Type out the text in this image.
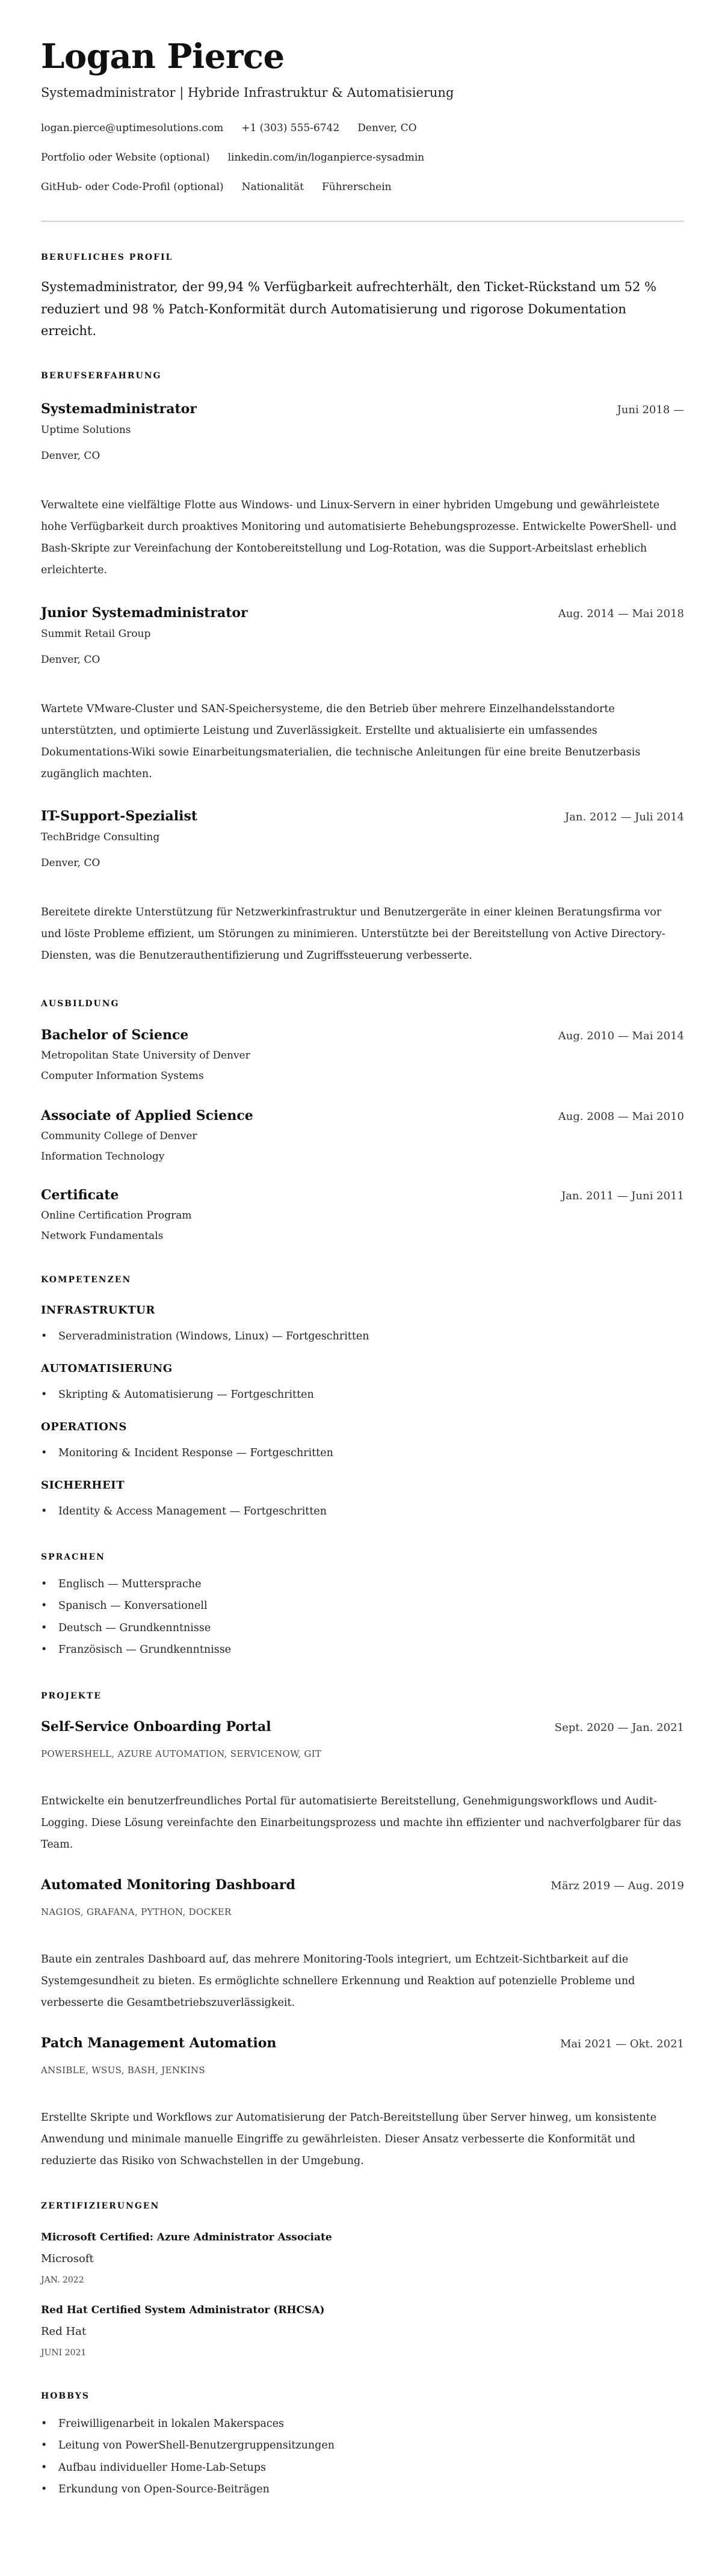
Logan Pierce
Systemadministrator | Hybride Infrastruktur & Automatisierung
logan.pierce@uptimesolutions.com +1 (303) 555-6742 Denver, CO
Portfolio oder Website (optional) linkedin.com/in/loganpierce-sysadmin
GitHub- oder Code-Profil (optional) Nationalität Führerschein
BERUFLICHES PROFIL

Systemadministrator, der 99,94 % Verfügbarkeit aufrechterhält, den Ticket-Rückstand um 52 % reduziert und 98 % Patch-Konformität durch Automatisierung und rigorose Dokumentation erreicht.

BERUFSERFAHRUNG
Systemadministrator	Juni 2018 —
Uptime Solutions
Denver, CO
Verwaltete eine vielfältige Flotte aus Windows- und Linux-Servern in einer hybriden Umgebung und gewährleistete hohe Verfügbarkeit durch proaktives Monitoring und automatisierte Behebungsprozesse. Entwickelte PowerShell- und Bash-Skripte zur Vereinfachung der Kontobereitstellung und Log-Rotation, was die Support-Arbeitslast erheblich erleichterte.
Junior Systemadministrator	Aug. 2014 — Mai 2018
Summit Retail Group
Denver, CO
Wartete VMware-Cluster und SAN-Speichersysteme, die den Betrieb über mehrere Einzelhandelsstandorte unterstützten, und optimierte Leistung und Zuverlässigkeit. Erstellte und aktualisierte ein umfassendes Dokumentations-Wiki sowie Einarbeitungsmaterialien, die technische Anleitungen für eine breite Benutzerbasis zugänglich machten.
IT-Support-Spezialist	Jan. 2012 — Juli 2014
TechBridge Consulting
Denver, CO
Bereitete direkte Unterstützung für Netzwerkinfrastruktur und Benutzergeräte in einer kleinen Beratungsfirma vor und löste Probleme effizient, um Störungen zu minimieren. Unterstützte bei der Bereitstellung von Active Directory-Diensten, was die Benutzerauthentifizierung und Zugriffssteuerung verbesserte.
AUSBILDUNG
Bachelor of Science	Aug. 2010 — Mai 2014
Metropolitan State University of Denver
Computer Information Systems
Associate of Applied Science	Aug. 2008 — Mai 2010
Community College of Denver
Information Technology
Certificate	Jan. 2011 — Juni 2011
Online Certification Program
Network Fundamentals
KOMPETENZEN
INFRASTRUKTUR
• Serveradministration (Windows, Linux) — Fortgeschritten
AUTOMATISIERUNG
• Skripting & Automatisierung — Fortgeschritten
OPERATIONS
• Monitoring & Incident Response — Fortgeschritten
SICHERHEIT
• Identity & Access Management — Fortgeschritten
SPRACHEN
• Englisch — Muttersprache
• Spanisch — Konversationell
• Deutsch — Grundkenntnisse
• Französisch — Grundkenntnisse
PROJEKTE
Self-Service Onboarding Portal	Sept. 2020 — Jan. 2021
POWERSHELL, AZURE AUTOMATION, SERVICENOW, GIT
Entwickelte ein benutzerfreundliches Portal für automatisierte Bereitstellung, Genehmigungsworkflows und Audit-Logging. Diese Lösung vereinfachte den Einarbeitungsprozess und machte ihn effizienter und nachverfolgbarer für das Team.
Automated Monitoring Dashboard	März 2019 — Aug. 2019
NAGIOS, GRAFANA, PYTHON, DOCKER
Baute ein zentrales Dashboard auf, das mehrere Monitoring-Tools integriert, um Echtzeit-Sichtbarkeit auf die Systemgesundheit zu bieten. Es ermöglichte schnellere Erkennung und Reaktion auf potenzielle Probleme und verbesserte die Gesamtbetriebszuverlässigkeit.
Patch Management Automation	Mai 2021 — Okt. 2021
ANSIBLE, WSUS, BASH, JENKINS
Erstellte Skripte und Workflows zur Automatisierung der Patch-Bereitstellung über Server hinweg, um konsistente Anwendung und minimale manuelle Eingriffe zu gewährleisten. Dieser Ansatz verbesserte die Konformität und reduzierte das Risiko von Schwachstellen in der Umgebung.
ZERTIFIZIERUNGEN
Microsoft Certified: Azure Administrator Associate
Microsoft
JAN. 2022
Red Hat Certified System Administrator (RHCSA)
Red Hat
JUNI 2021
HOBBYS
• Freiwilligenarbeit in lokalen Makerspaces
• Leitung von PowerShell-Benutzergruppensitzungen
• Aufbau individueller Home-Lab-Setups
• Erkundung von Open-Source-Beiträgen
